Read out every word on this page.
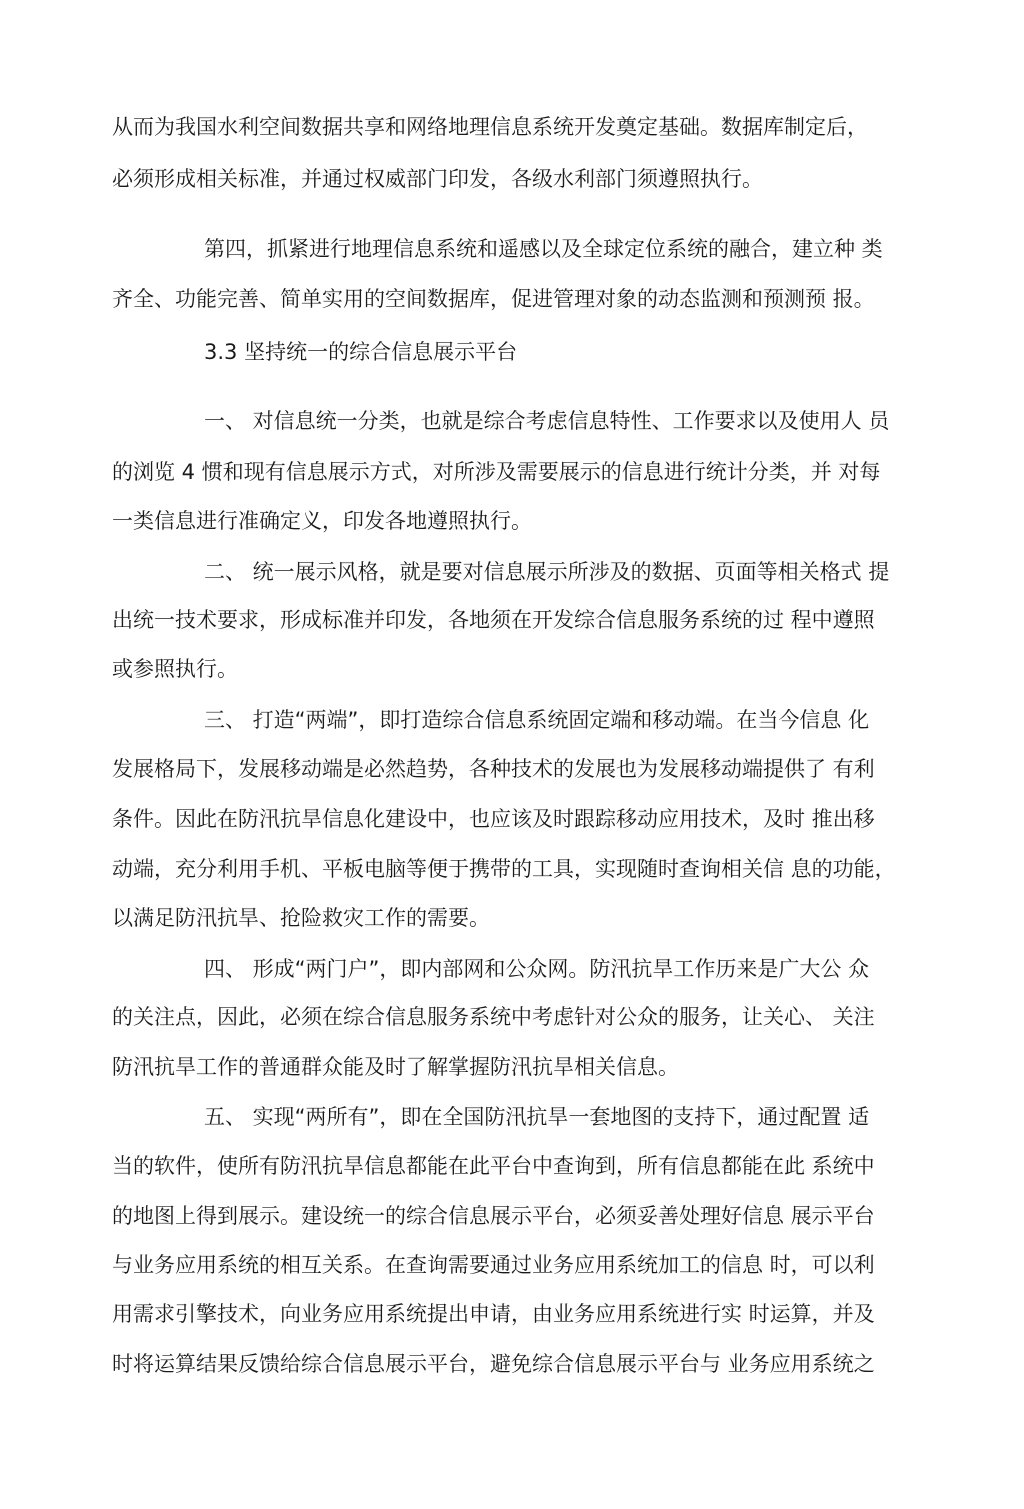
从而为我国水利空间数据共享和网络地理信息系统开发奠定基础。数据库制定后，

必须形成相关标准，并通过权威部门印发，各级水利部门须遵照执行。

第四，抓紧进行地理信息系统和遥感以及全球定位系统的融合，建立种 类

齐全、功能完善、简单实用的空间数据库，促进管理对象的动态监测和预测预 报。

3.3 坚持统一的综合信息展示平台

一、 对信息统一分类，也就是综合考虑信息特性、工作要求以及使用人 员

的浏览 4 惯和现有信息展示方式，对所涉及需要展示的信息进行统计分类，并 对每

一类信息进行准确定义，印发各地遵照执行。

二、 统一展示风格，就是要对信息展示所涉及的数据、页面等相关格式 提

出统一技术要求，形成标准并印发，各地须在开发综合信息服务系统的过 程中遵照

或参照执行。

三、 打造“两端”，即打造综合信息系统固定端和移动端。在当今信息 化

发展格局下，发展移动端是必然趋势，各种技术的发展也为发展移动端提供了 有利

条件。因此在防汛抗旱信息化建设中，也应该及时跟踪移动应用技术，及时 推出移

动端，充分利用手机、平板电脑等便于携带的工具，实现随时查询相关信 息的功能，

以满足防汛抗旱、抢险救灾工作的需要。

四、 形成“两门户”，即内部网和公众网。防汛抗旱工作历来是广大公 众

的关注点，因此，必须在综合信息服务系统中考虑针对公众的服务，让关心、 关注

防汛抗旱工作的普通群众能及时了解掌握防汛抗旱相关信息。

五、 实现“两所有”，即在全国防汛抗旱一套地图的支持下，通过配置 适

当的软件，使所有防汛抗旱信息都能在此平台中查询到，所有信息都能在此 系统中

的地图上得到展示。建设统一的综合信息展示平台，必须妥善处理好信息 展示平台

与业务应用系统的相互关系。在查询需要通过业务应用系统加工的信息 时，可以利

用需求引擎技术，向业务应用系统提出申请，由业务应用系统进行实 时运算，并及

时将运算结果反馈给综合信息展示平台，避免综合信息展示平台与 业务应用系统之
